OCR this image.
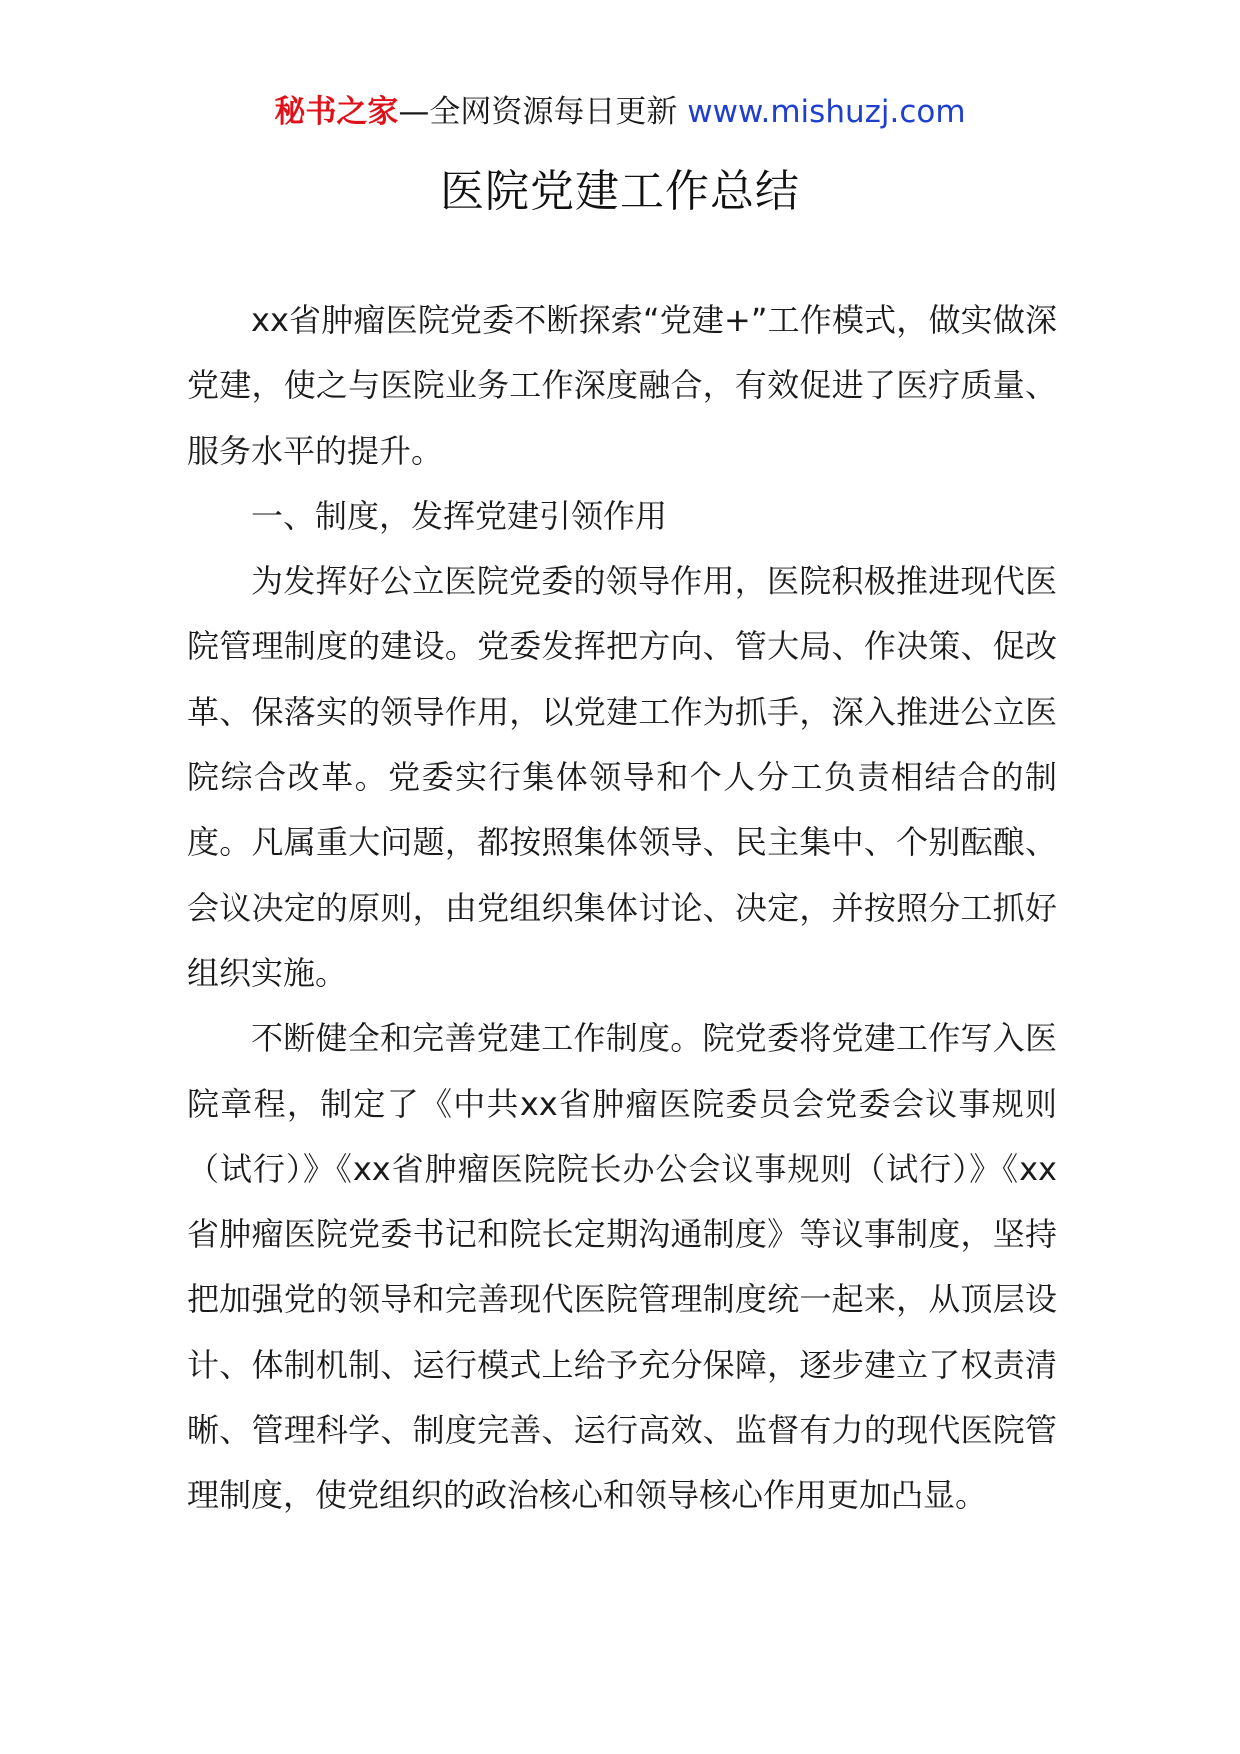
秘书之家—全网资源每日更新 www.mishuzj.com
医院党建工作总结

xx省肿瘤医院党委不断探索“党建+”工作模式，做实做深党建，使之与医院业务工作深度融合，有效促进了医疗质量、服务水平的提升。

一、制度，发挥党建引领作用

为发挥好公立医院党委的领导作用，医院积极推进现代医院管理制度的建设。党委发挥把方向、管大局、作决策、促改革、保落实的领导作用，以党建工作为抓手，深入推进公立医院综合改革。党委实行集体领导和个人分工负责相结合的制度。凡属重大问题，都按照集体领导、民主集中、个别酝酿、会议决定的原则，由党组织集体讨论、决定，并按照分工抓好组织实施。

不断健全和完善党建工作制度。院党委将党建工作写入医院章程，制定了《中共xx省肿瘤医院委员会党委会议事规则（试行）》《xx省肿瘤医院院长办公会议事规则（试行）》《xx省肿瘤医院党委书记和院长定期沟通制度》等议事制度，坚持把加强党的领导和完善现代医院管理制度统一起来，从顶层设计、体制机制、运行模式上给予充分保障，逐步建立了权责清晰、管理科学、制度完善、运行高效、监督有力的现代医院管理制度，使党组织的政治核心和领导核心作用更加凸显。
